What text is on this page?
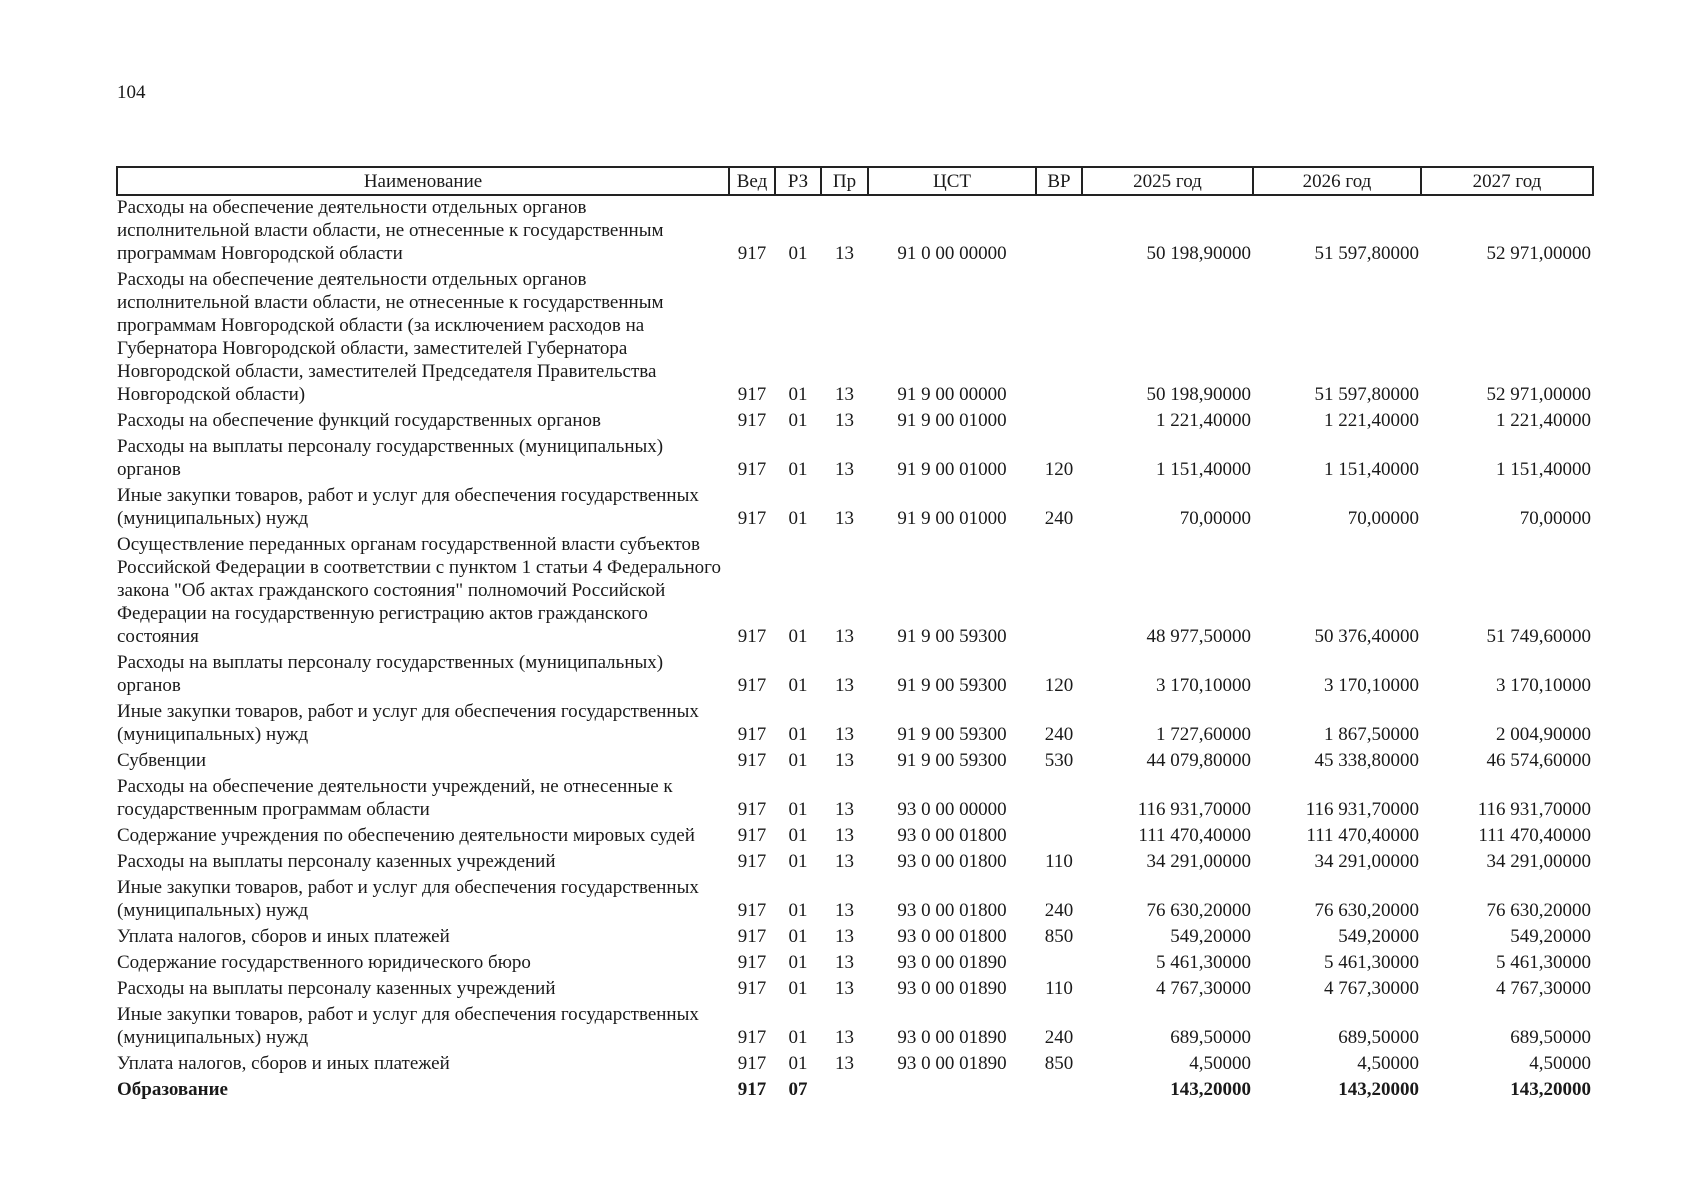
104
Наименование	Вед	РЗ	Пр	ЦСТ	ВР	2025 год	2026 год	2027 год
Расходы на обеспечение деятельности отдельных органов исполнительной власти области, не отнесенные к государственным программам Новгородской области	917	01	13	91 0 00 00000		50 198,90000	51 597,80000	52 971,00000
Расходы на обеспечение деятельности отдельных органов исполнительной власти области, не отнесенные к государственным программам Новгородской области (за исключением расходов на Губернатора Новгородской области, заместителей Губернатора Новгородской области, заместителей Председателя Правительства Новгородской области)	917	01	13	91 9 00 00000		50 198,90000	51 597,80000	52 971,00000
Расходы на обеспечение функций государственных органов	917	01	13	91 9 00 01000		1 221,40000	1 221,40000	1 221,40000
Расходы на выплаты персоналу государственных (муниципальных) органов	917	01	13	91 9 00 01000	120	1 151,40000	1 151,40000	1 151,40000
Иные закупки товаров, работ и услуг для обеспечения государственных (муниципальных) нужд	917	01	13	91 9 00 01000	240	70,00000	70,00000	70,00000
Осуществление переданных органам государственной власти субъектов Российской Федерации в соответствии с пунктом 1 статьи 4 Федерального закона "Об актах гражданского состояния" полномочий Российской Федерации на государственную регистрацию актов гражданского состояния	917	01	13	91 9 00 59300		48 977,50000	50 376,40000	51 749,60000
Расходы на выплаты персоналу государственных (муниципальных) органов	917	01	13	91 9 00 59300	120	3 170,10000	3 170,10000	3 170,10000
Иные закупки товаров, работ и услуг для обеспечения государственных (муниципальных) нужд	917	01	13	91 9 00 59300	240	1 727,60000	1 867,50000	2 004,90000
Субвенции	917	01	13	91 9 00 59300	530	44 079,80000	45 338,80000	46 574,60000
Расходы на обеспечение деятельности учреждений, не отнесенные к государственным программам области	917	01	13	93 0 00 00000		116 931,70000	116 931,70000	116 931,70000
Содержание учреждения по обеспечению деятельности мировых судей	917	01	13	93 0 00 01800		111 470,40000	111 470,40000	111 470,40000
Расходы на выплаты персоналу казенных учреждений	917	01	13	93 0 00 01800	110	34 291,00000	34 291,00000	34 291,00000
Иные закупки товаров, работ и услуг для обеспечения государственных (муниципальных) нужд	917	01	13	93 0 00 01800	240	76 630,20000	76 630,20000	76 630,20000
Уплата налогов, сборов и иных платежей	917	01	13	93 0 00 01800	850	549,20000	549,20000	549,20000
Содержание государственного юридического бюро	917	01	13	93 0 00 01890		5 461,30000	5 461,30000	5 461,30000
Расходы на выплаты персоналу казенных учреждений	917	01	13	93 0 00 01890	110	4 767,30000	4 767,30000	4 767,30000
Иные закупки товаров, работ и услуг для обеспечения государственных (муниципальных) нужд	917	01	13	93 0 00 01890	240	689,50000	689,50000	689,50000
Уплата налогов, сборов и иных платежей	917	01	13	93 0 00 01890	850	4,50000	4,50000	4,50000
Образование	917	07				143,20000	143,20000	143,20000
